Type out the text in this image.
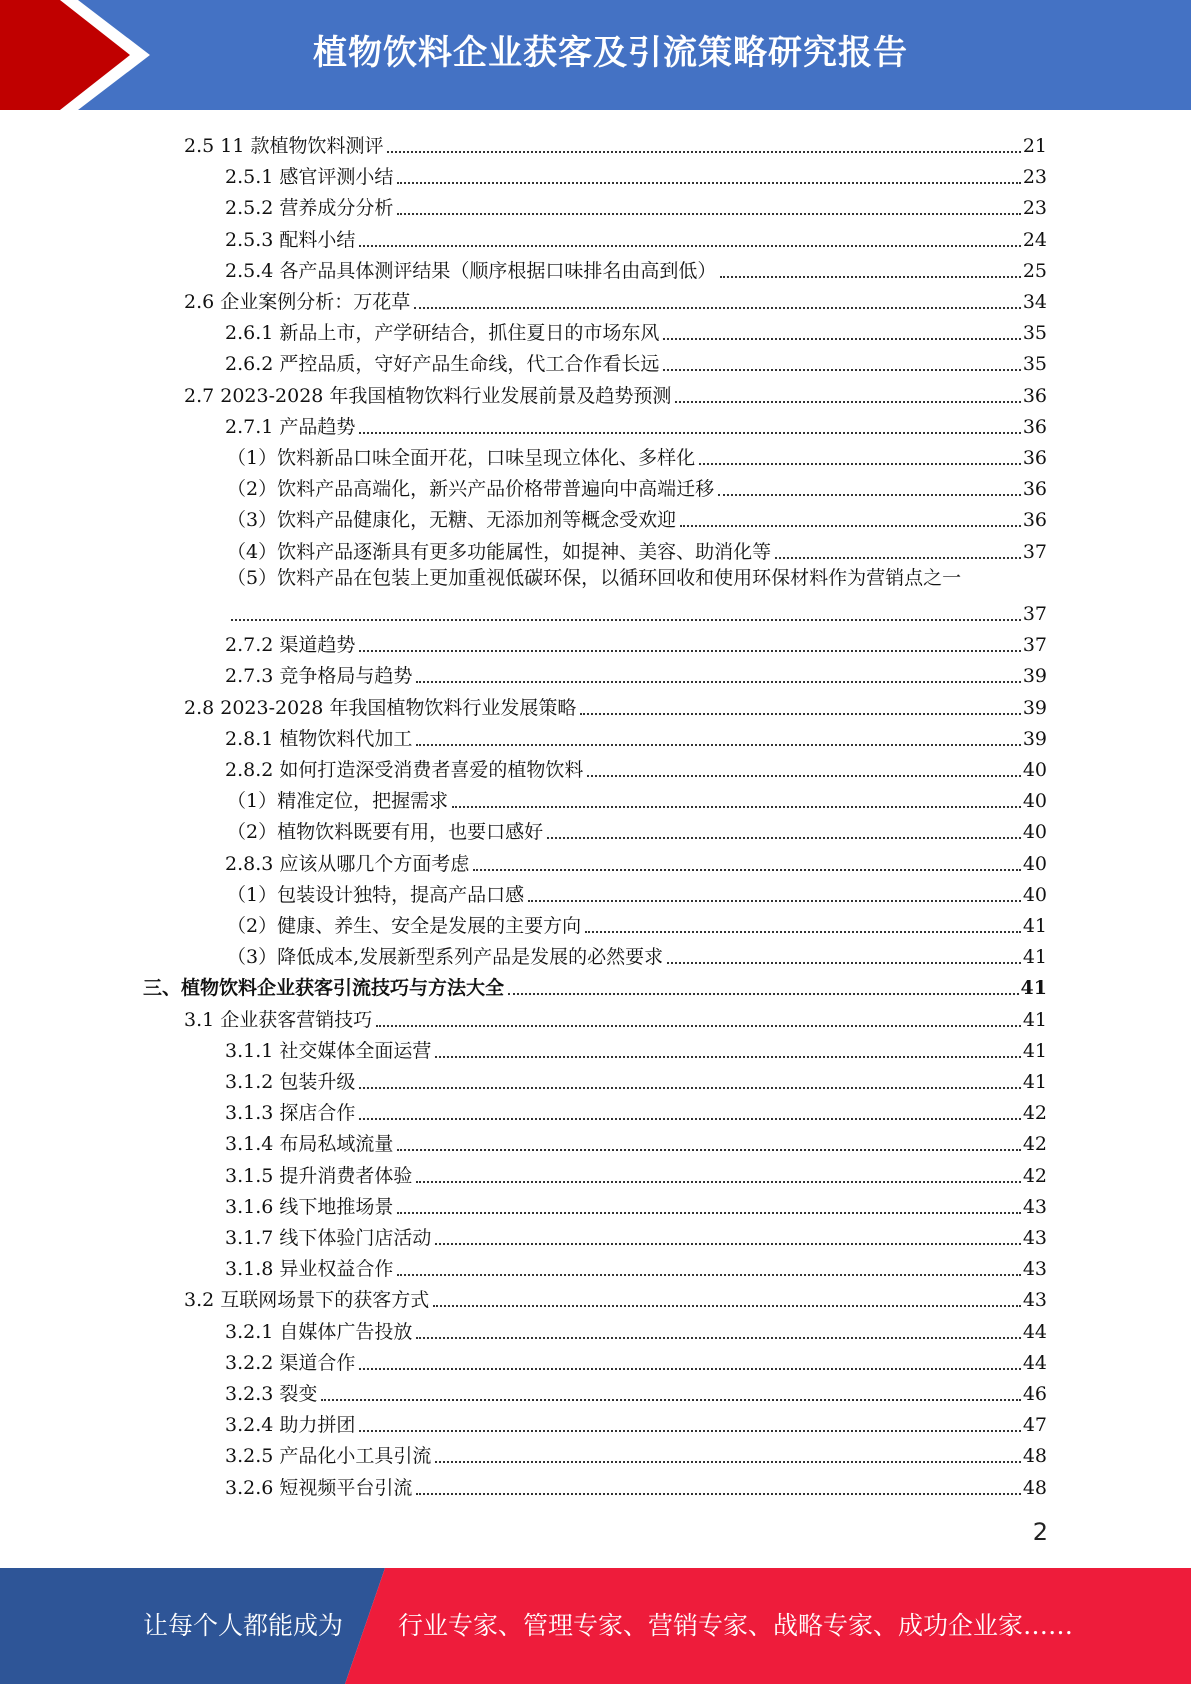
植物饮料企业获客及引流策略研究报告
2.5 11 款植物饮料测评	21
2.5.1 感官评测小结	23
2.5.2 营养成分分析	23
2.5.3 配料小结	24
2.5.4 各产品具体测评结果（顺序根据口味排名由高到低）	25
2.6 企业案例分析：万花草	34
2.6.1 新品上市，产学研结合，抓住夏日的市场东风	35
2.6.2 严控品质，守好产品生命线，代工合作看长远	35
2.7 2023-2028 年我国植物饮料行业发展前景及趋势预测	36
2.7.1 产品趋势	36
（1）饮料新品口味全面开花，口味呈现立体化、多样化	36
（2）饮料产品高端化，新兴产品价格带普遍向中高端迁移	36
（3）饮料产品健康化，无糖、无添加剂等概念受欢迎	36
（4）饮料产品逐渐具有更多功能属性，如提神、美容、助消化等	37
（5）饮料产品在包装上更加重视低碳环保，以循环回收和使用环保材料作为营销点之一
37
2.7.2 渠道趋势	37
2.7.3 竞争格局与趋势	39
2.8 2023-2028 年我国植物饮料行业发展策略	39
2.8.1 植物饮料代加工	39
2.8.2 如何打造深受消费者喜爱的植物饮料	40
（1）精准定位，把握需求	40
（2）植物饮料既要有用，也要口感好	40
2.8.3 应该从哪几个方面考虑	40
（1）包装设计独特，提高产品口感	40
（2）健康、养生、安全是发展的主要方向	41
（3）降低成本,发展新型系列产品是发展的必然要求	41
三、植物饮料企业获客引流技巧与方法大全	41
3.1 企业获客营销技巧	41
3.1.1 社交媒体全面运营	41
3.1.2 包装升级	41
3.1.3 探店合作	42
3.1.4 布局私域流量	42
3.1.5 提升消费者体验	42
3.1.6 线下地推场景	43
3.1.7 线下体验门店活动	43
3.1.8 异业权益合作	43
3.2 互联网场景下的获客方式	43
3.2.1 自媒体广告投放	44
3.2.2 渠道合作	44
3.2.3 裂变	46
3.2.4 助力拼团	47
3.2.5 产品化小工具引流	48
3.2.6 短视频平台引流	48
2
让每个人都能成为 行业专家、管理专家、营销专家、战略专家、成功企业家……
